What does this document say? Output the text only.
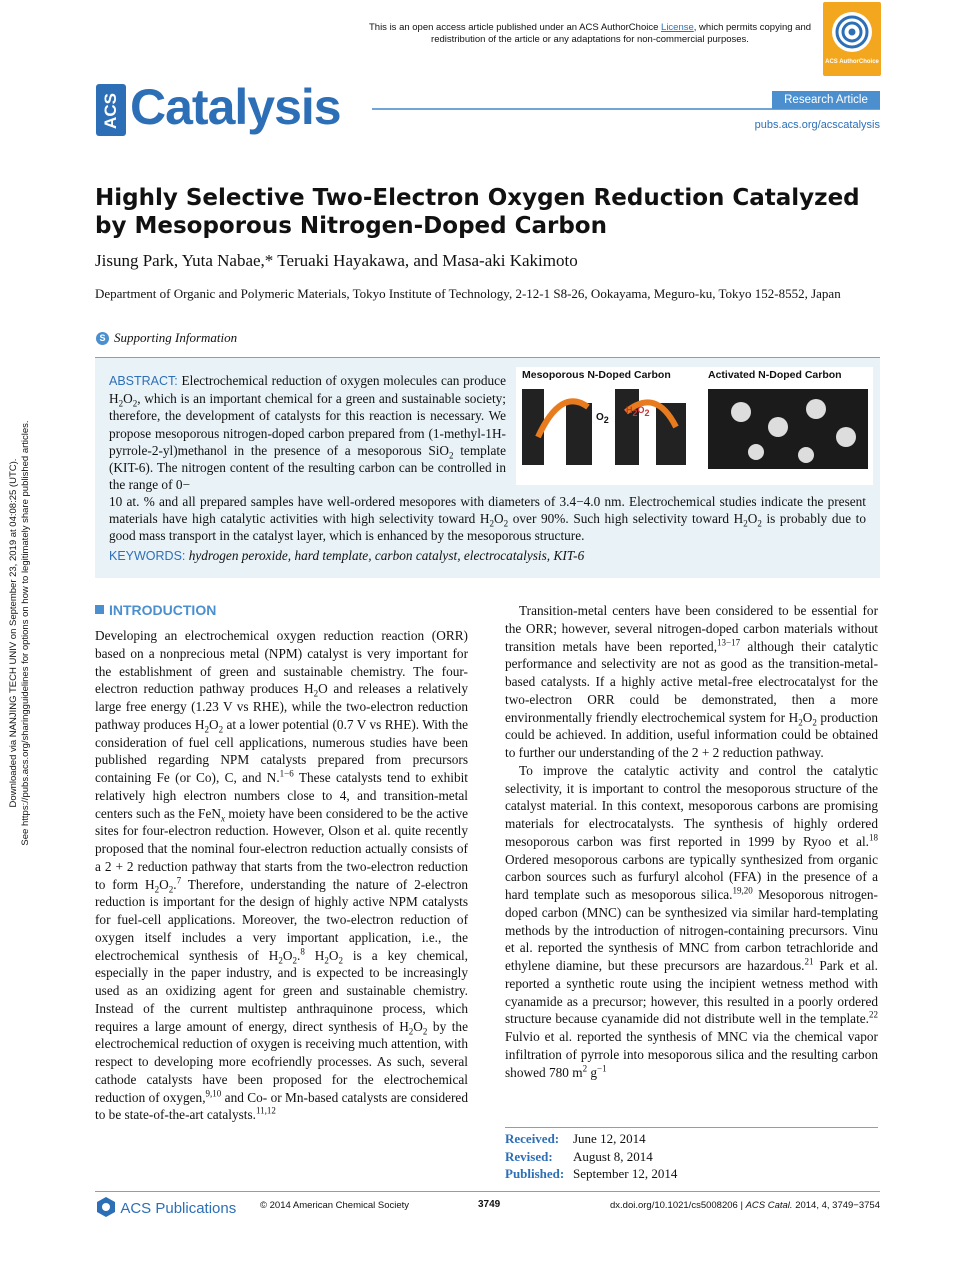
This is an open access article published under an ACS AuthorChoice License, which permits copying and redistribution of the article or any adaptations for non-commercial purposes.
ACS AuthorChoice
ACS Catalysis	Research Article
pubs.acs.org/acscatalysis
Downloaded via NANJING TECH UNIV on September 23, 2019 at 04:08:25 (UTC). See https://pubs.acs.org/sharingguidelines for options on how to legitimately share published articles.
Highly Selective Two-Electron Oxygen Reduction Catalyzed by Mesoporous Nitrogen-Doped Carbon
Jisung Park, Yuta Nabae,* Teruaki Hayakawa, and Masa-aki Kakimoto
Department of Organic and Polymeric Materials, Tokyo Institute of Technology, 2-12-1 S8-26, Ookayama, Meguro-ku, Tokyo 152-8552, Japan
S Supporting Information
Mesoporous N-Doped Carbon	Activated N-Doped Carbon
$O_2$
$H_2O_2$
ABSTRACT: Electrochemical reduction of oxygen molecules can produce $H_2O_2$, which is an important chemical for a green and sustainable society; therefore, the development of catalysts for this reaction is necessary. We propose mesoporous nitrogen-doped carbon prepared from (1-methyl-1H-pyrrole-2-yl)methanol in the presence of a mesoporous SiO$_2$ template (KIT-6). The nitrogen content of the resulting carbon can be controlled in the range of 0−
10 at. % and all prepared samples have well-ordered mesopores with diameters of 3.4−4.0 nm. Electrochemical studies indicate the present materials have high catalytic activities with high selectivity toward $H_2O_2$ over 90%. Such high selectivity toward $H_2O_2$ is probably due to good mass transport in the catalyst layer, which is enhanced by the mesoporous structure.
KEYWORDS: hydrogen peroxide, hard template, carbon catalyst, electrocatalysis, KIT-6
INTRODUCTION

Developing an electrochemical oxygen reduction reaction (ORR) based on a nonprecious metal (NPM) catalyst is very important for the establishment of green and sustainable chemistry. The four-electron reduction pathway produces $H_2O$ and releases a relatively large free energy (1.23 V vs RHE), while the two-electron reduction pathway produces $H_2O_2$ at a lower potential (0.7 V vs RHE). With the consideration of fuel cell applications, numerous studies have been published regarding NPM catalysts prepared from precursors containing Fe (or Co), C, and N.$^{1-6}$ These catalysts tend to exhibit relatively high electron numbers close to 4, and transition-metal centers such as the FeN$_x$ moiety have been considered to be the active sites for four-electron reduction. However, Olson et al. quite recently proposed that the nominal four-electron reduction actually consists of a 2 + 2 reduction pathway that starts from the two-electron reduction to form $H_2O_2.^7$ Therefore, understanding the nature of 2-electron reduction is important for the design of highly active NPM catalysts for fuel-cell applications. Moreover, the two-electron reduction of oxygen itself includes a very important application, i.e., the electrochemical synthesis of $H_2O_2.^8$ $H_2O_2$ is a key chemical, especially in the paper industry, and is expected to be increasingly used as an oxidizing agent for green and sustainable chemistry. Instead of the current multistep anthraquinone process, which requires a large amount of energy, direct synthesis of $H_2O_2$ by the electrochemical reduction of oxygen is receiving much attention, with respect to developing more ecofriendly processes. As such, several cathode catalysts have been proposed for the electrochemical reduction of oxygen,$^{9,10}$ and Co- or Mn-based catalysts are considered to be state-of-the-art catalysts.$^{11,12}$

Transition-metal centers have been considered to be essential for the ORR; however, several nitrogen-doped carbon materials without transition metals have been reported,$^{13-17}$ although their catalytic performance and selectivity are not as good as the transition-metal-based catalysts. If a highly active metal-free electrocatalyst for the two-electron ORR could be demonstrated, then a more environmentally friendly electrochemical system for $H_2O_2$ production could be achieved. In addition, useful information could be obtained to further our understanding of the 2 + 2 reduction pathway.

To improve the catalytic activity and control the catalytic selectivity, it is important to control the mesoporous structure of the catalyst material. In this context, mesoporous carbons are promising materials for electrocatalysts. The synthesis of highly ordered mesoporous carbon was first reported in 1999 by Ryoo et al.$^{18}$ Ordered mesoporous carbons are typically synthesized from organic carbon sources such as furfuryl alcohol (FFA) in the presence of a hard template such as mesoporous silica.$^{19,20}$ Mesoporous nitrogen-doped carbon (MNC) can be synthesized via similar hard-templating methods by the introduction of nitrogen-containing precursors. Vinu et al. reported the synthesis of MNC from carbon tetrachloride and ethylene diamine, but these precursors are hazardous.$^{21}$ Park et al. reported a synthetic route using the incipient wetness method with cyanamide as a precursor; however, this resulted in a poorly ordered structure because cyanamide did not distribute well in the template.$^{22}$ Fulvio et al. reported the synthesis of MNC via the chemical vapor infiltration of pyrrole into mesoporous silica and the resulting carbon showed 780 $m^2$ $g^{-1}$

Received: June 12, 2014
Revised: August 8, 2014
Published: September 12, 2014
ACS Publications	© 2014 American Chemical Society	3749	dx.doi.org/10.1021/cs5008206 | ACS Catal. 2014, 4, 3749−3754
